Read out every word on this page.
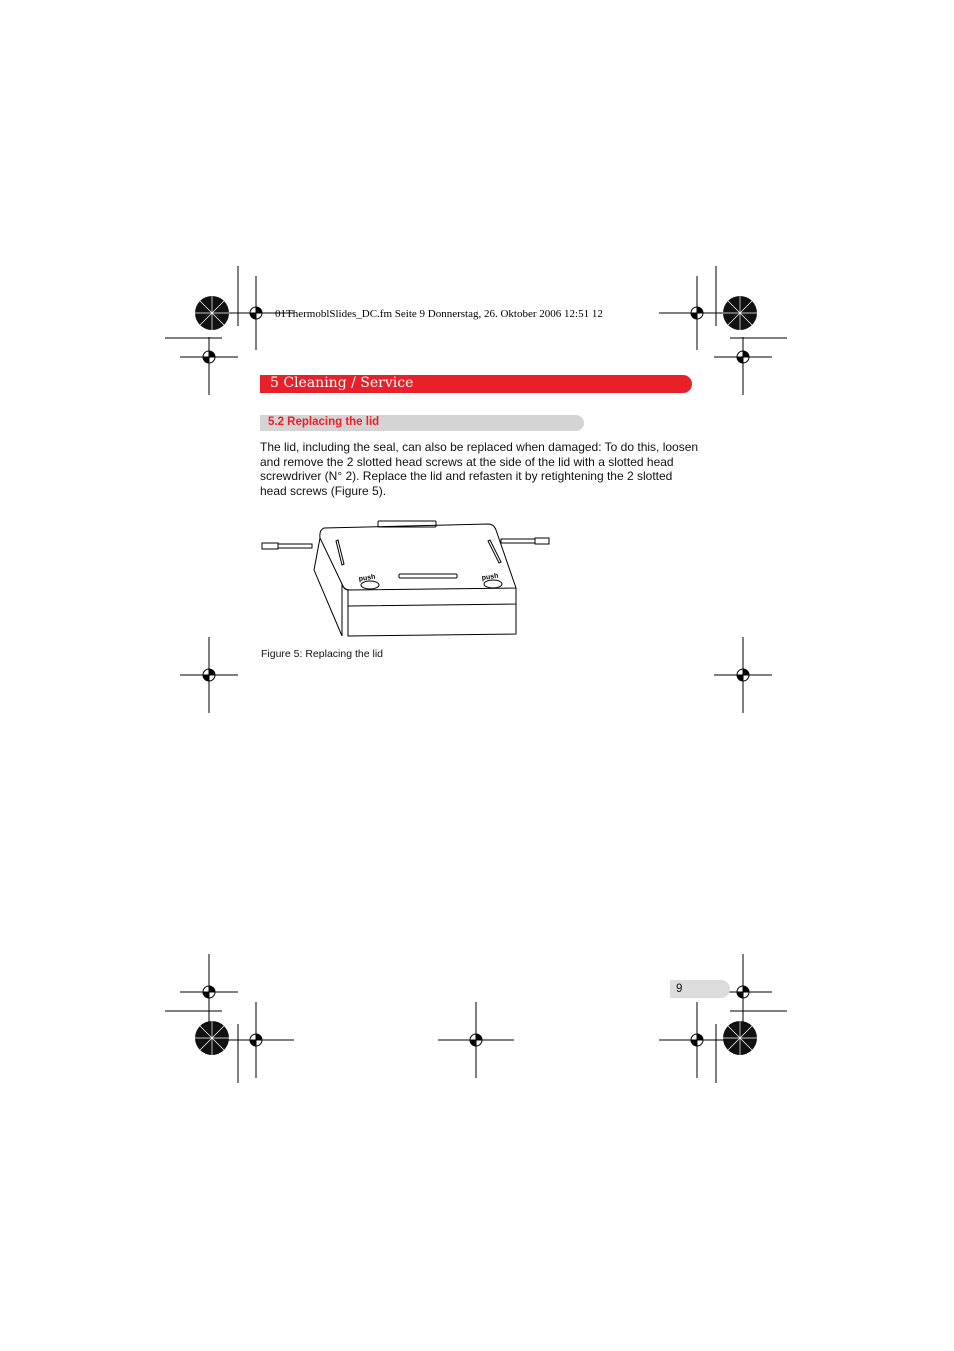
01ThermoblSlides_DC.fm Seite 9 Donnerstag, 26. Oktober 2006 12:51 12
5 Cleaning / Service
5.2 Replacing the lid
The lid, including the seal, can also be replaced when damaged: To do this, loosen and remove the 2 slotted head screws at the side of the lid with a slotted head screwdriver (N° 2). Replace the lid and refasten it by retightening the 2 slotted head screws (Figure 5).
push	push
Figure 5: Replacing the lid
9
